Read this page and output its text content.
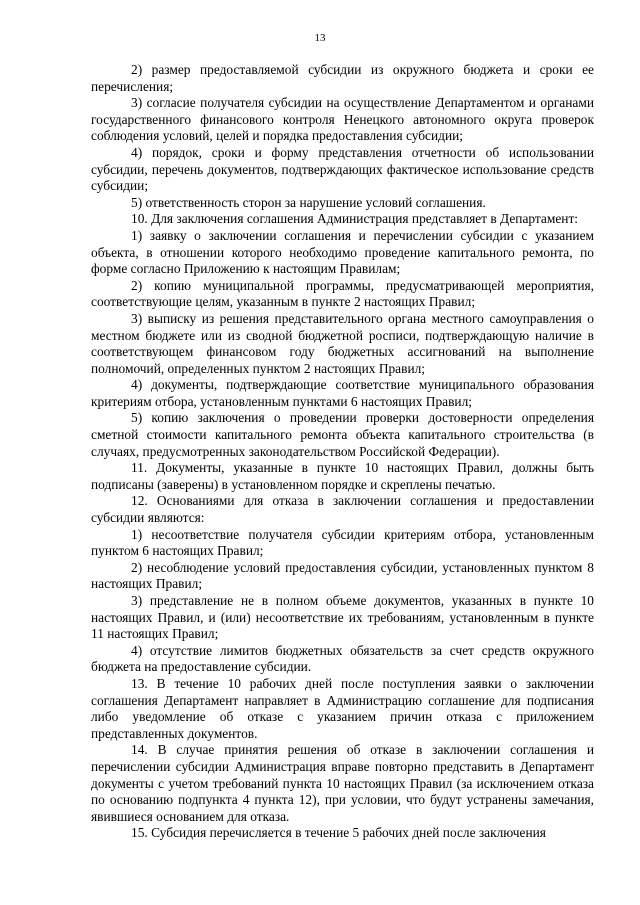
13

2) размер предоставляемой субсидии из окружного бюджета и сроки ее перечисления;

3) согласие получателя субсидии на осуществление Департаментом и органами государственного финансового контроля Ненецкого автономного округа проверок соблюдения условий, целей и порядка предоставления субсидии;

4) порядок, сроки и форму представления отчетности об использовании субсидии, перечень документов, подтверждающих фактическое использование средств субсидии;

5) ответственность сторон за нарушение условий соглашения.

10. Для заключения соглашения Администрация представляет в Департамент:

1) заявку о заключении соглашения и перечислении субсидии с указанием объекта, в отношении которого необходимо проведение капитального ремонта, по форме согласно Приложению к настоящим Правилам;

2) копию муниципальной программы, предусматривающей мероприятия, соответствующие целям, указанным в пункте 2 настоящих Правил;

3) выписку из решения представительного органа местного самоуправления о местном бюджете или из сводной бюджетной росписи, подтверждающую наличие в соответствующем финансовом году бюджетных ассигнований на выполнение полномочий, определенных пунктом 2 настоящих Правил;

4) документы, подтверждающие соответствие муниципального образования критериям отбора, установленным пунктами 6 настоящих Правил;

5) копию заключения о проведении проверки достоверности определения сметной стоимости капитального ремонта объекта капитального строительства (в случаях, предусмотренных законодательством Российской Федерации).

11. Документы, указанные в пункте 10 настоящих Правил, должны быть подписаны (заверены) в установленном порядке и скреплены печатью.

12. Основаниями для отказа в заключении соглашения и предоставлении субсидии являются:

1) несоответствие получателя субсидии критериям отбора, установленным пунктом 6 настоящих Правил;

2) несоблюдение условий предоставления субсидии, установленных пунктом 8 настоящих Правил;

3) представление не в полном объеме документов, указанных в пункте 10 настоящих Правил, и (или) несоответствие их требованиям, установленным в пункте 11 настоящих Правил;

4) отсутствие лимитов бюджетных обязательств за счет средств окружного бюджета на предоставление субсидии.

13. В течение 10 рабочих дней после поступления заявки о заключении соглашения Департамент направляет в Администрацию соглашение для подписания либо уведомление об отказе с указанием причин отказа с приложением представленных документов.

14. В случае принятия решения об отказе в заключении соглашения и перечислении субсидии Администрация вправе повторно представить в Департамент документы с учетом требований пункта 10 настоящих Правил (за исключением отказа по основанию подпункта 4 пункта 12), при условии, что будут устранены замечания, явившиеся основанием для отказа.

15. Субсидия перечисляется в течение 5 рабочих дней после заключения
